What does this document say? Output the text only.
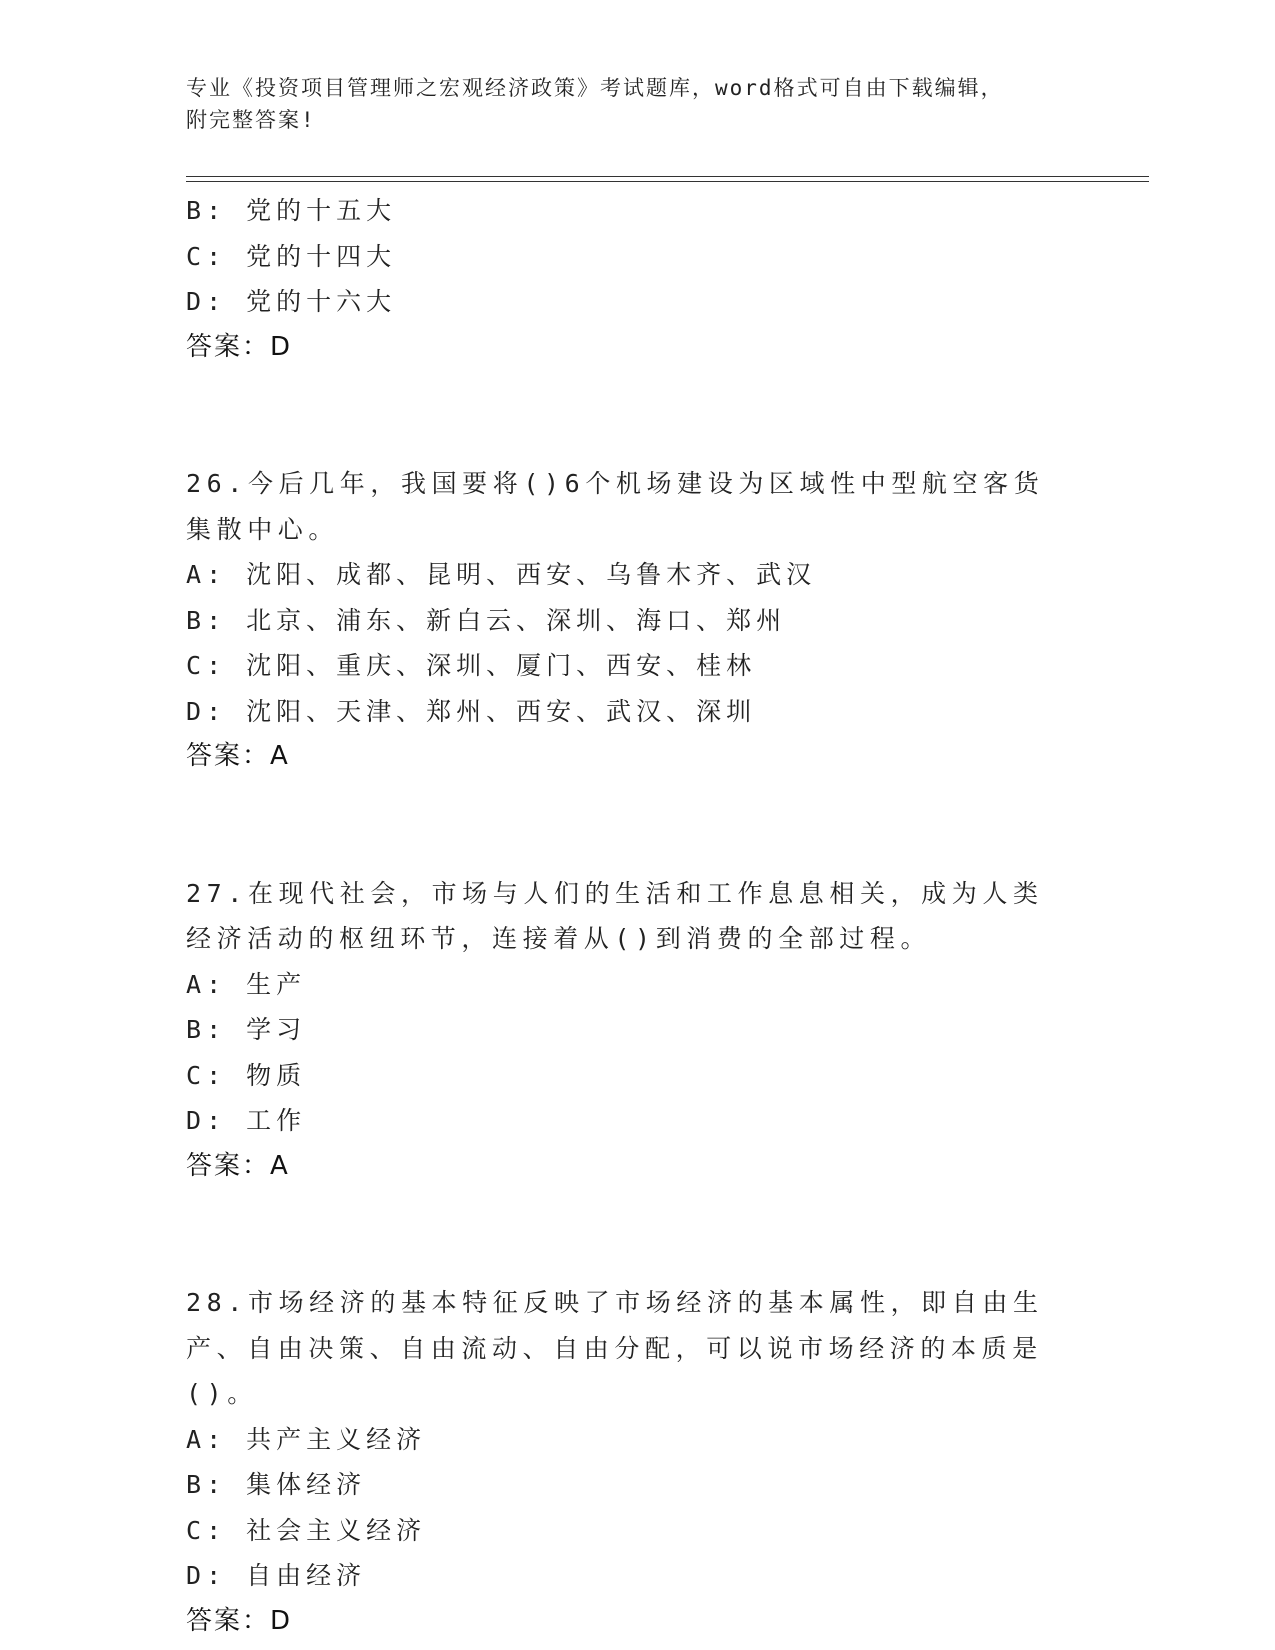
专业《投资项目管理师之宏观经济政策》考试题库，word格式可自由下载编辑，
附完整答案!
B: 党的十五大
C: 党的十四大
D: 党的十六大
答案：D
26.今后几年，我国要将()6个机场建设为区域性中型航空客货集散中心。
A: 沈阳、成都、昆明、西安、乌鲁木齐、武汉
B: 北京、浦东、新白云、深圳、海口、郑州
C: 沈阳、重庆、深圳、厦门、西安、桂林
D: 沈阳、天津、郑州、西安、武汉、深圳
答案：A
27.在现代社会，市场与人们的生活和工作息息相关，成为人类经济活动的枢纽环节，连接着从()到消费的全部过程。
A: 生产
B: 学习
C: 物质
D: 工作
答案：A
28.市场经济的基本特征反映了市场经济的基本属性，即自由生产、自由决策、自由流动、自由分配，可以说市场经济的本质是()。
A: 共产主义经济
B: 集体经济
C: 社会主义经济
D: 自由经济
答案：D
